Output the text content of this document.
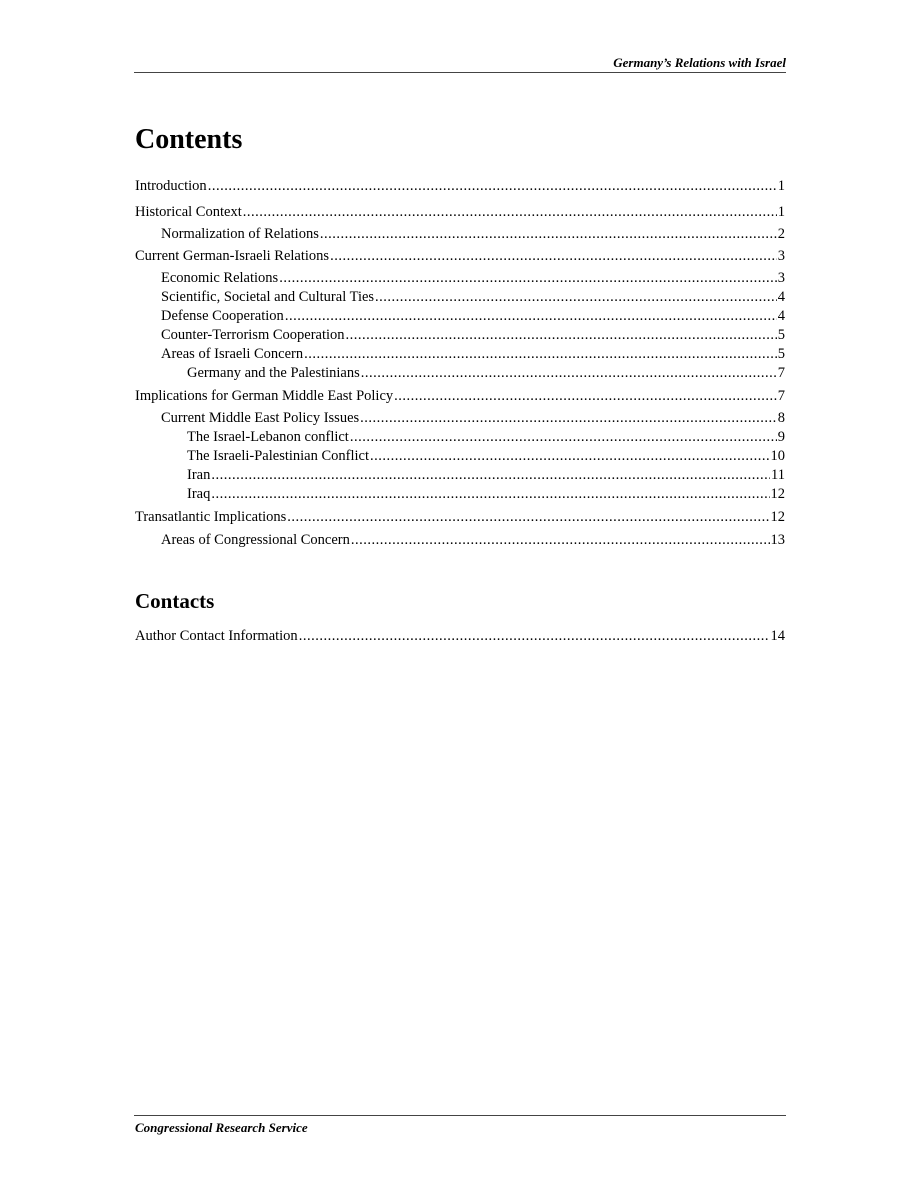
Germany’s Relations with Israel
Contents
Introduction .....	1
Historical Context .....	1
Normalization of Relations .....	2
Current German-Israeli Relations .....	3
Economic Relations .....	3
Scientific, Societal and Cultural Ties .....	4
Defense Cooperation .....	4
Counter-Terrorism Cooperation .....	5
Areas of Israeli Concern .....	5
Germany and the Palestinians .....	7
Implications for German Middle East Policy .....	7
Current Middle East Policy Issues .....	8
The Israel-Lebanon conflict .....	9
The Israeli-Palestinian Conflict .....	10
Iran .....	11
Iraq .....	12
Transatlantic Implications .....	12
Areas of Congressional Concern .....	13
Contacts
Author Contact Information .....	14
Congressional Research Service
